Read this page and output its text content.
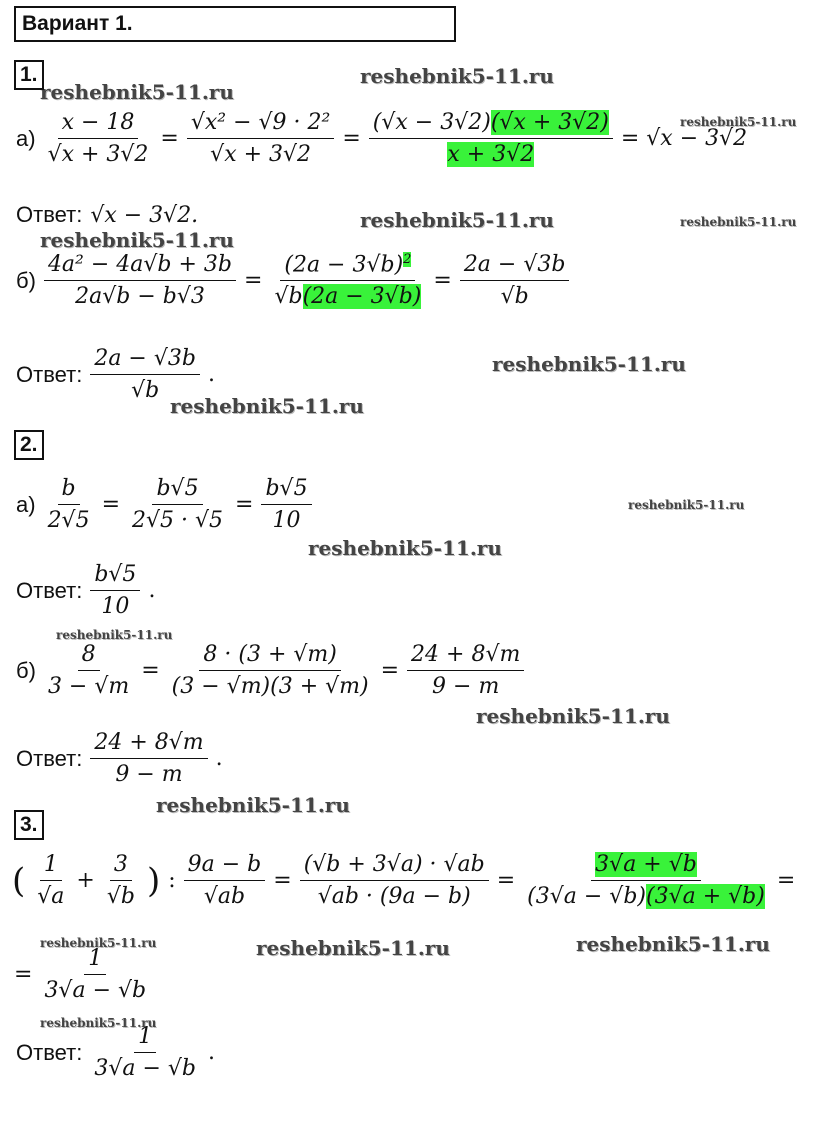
Вариант 1.
reshebnik5-11.ru
reshebnik5-11.ru
reshebnik5-11.ru
reshebnik5-11.ru	reshebnik5-11.ru
reshebnik5-11.ru
reshebnik5-11.ru
reshebnik5-11.ru
reshebnik5-11.ru
reshebnik5-11.ru
reshebnik5-11.ru
reshebnik5-11.ru
reshebnik5-11.ru
reshebnik5-11.ru	reshebnik5-11.ru	reshebnik5-11.ru
reshebnik5-11.ru
1.
$а) \frac{x - 18}{√x + 3√2} = \frac{\text{√x² − √9 · 2²}}{√x + 3√2} = \frac{(√x - 3√2)(√x + 3√2)}{x + 3√2} = √x - 3√2$
Ответ: √x − 3√2.
$б) \frac{\text{4a² − 4a√b + 3b}}{2a√b - b√3} = \frac{(2a - 3√b)^2}{√b(2a - 3√b)} = \frac{2a - √3b}{√b}$
Ответ: $\frac{2a - √3b}{√b}$ .
2.
$а) \frac{b}{2√5} = \frac{b√5}{2√5 \cdot √5} = \frac{b√5}{10}$
Ответ: $\frac{b√5}{10}$ .
$б) \frac{8}{3 - √m} = \frac{8 \cdot (3 + √m)}{(3 - √m)(3 + √m)} = \frac{24 + 8√m}{9 - m}$
Ответ: $\frac{24 + 8√m}{9 - m}$ .
3.
( $\frac{1}{√a} + \frac{3}{√b}$ ) : $\frac{9a - b}{√ab} = \frac{(√b + 3√a) \cdot √ab}{√ab \cdot (9a - b)} = \frac{3√a + √b}{(3√a - √b)(3√a + √b)}$ =
= $\frac{1}{3√a - √b}$
Ответ: $\frac{1}{3√a - √b}$ .
